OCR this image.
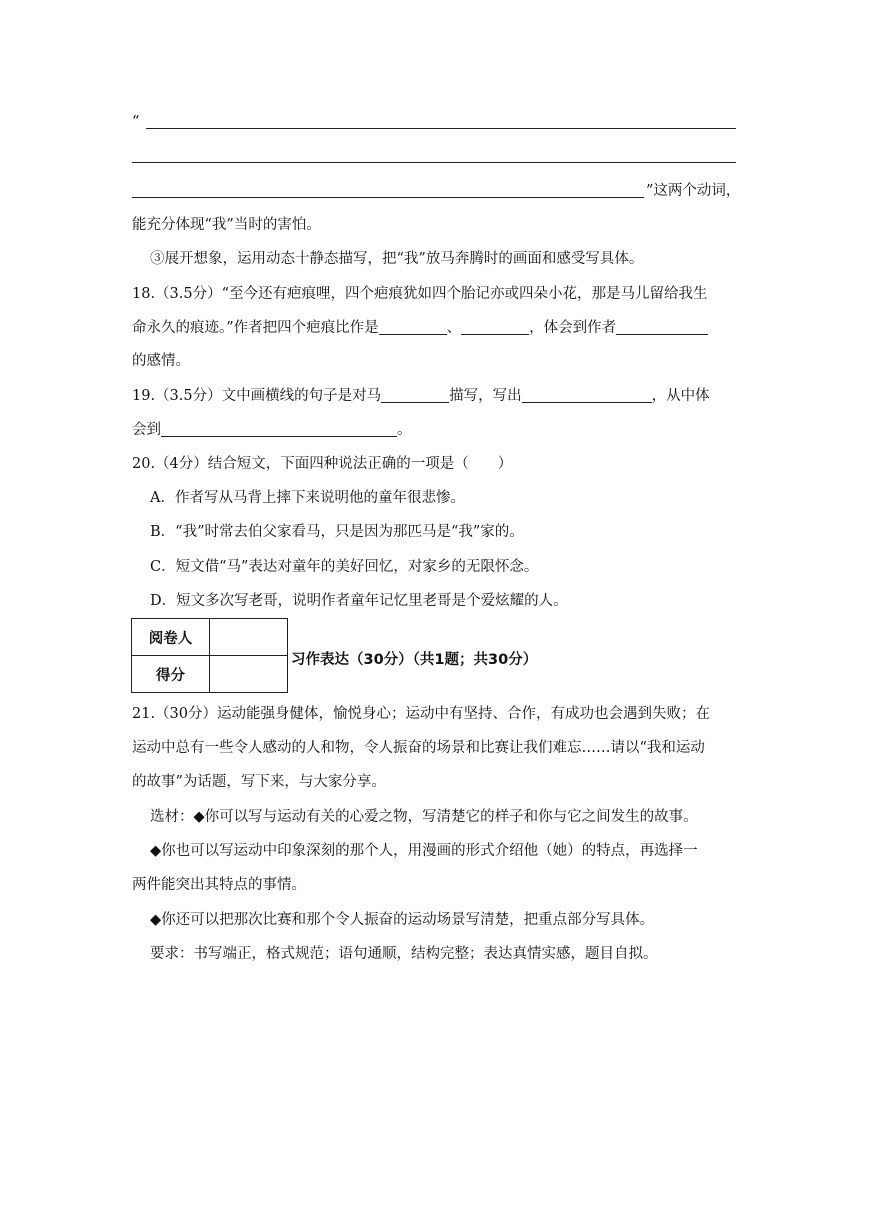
“
”这两个动词，
能充分体现“我”当时的害怕。
③展开想象，运用动态十静态描写，把“我”放马奔腾时的画面和感受写具体。
18.（3.5分）“至今还有疤痕哩，四个疤痕犹如四个胎记亦或四朵小花，那是马儿留给我生
命永久的痕迹。”作者把四个疤痕比作是	、	，体会到作者
的感情。
19.（3.5分）文中画横线的句子是对马	描写，写出	，从中体
会到	。
20.（4分）结合短文，下面四种说法正确的一项是（　　）
A．作者写从马背上摔下来说明他的童年很悲惨。
B．“我”时常去伯父家看马，只是因为那匹马是“我”家的。
C．短文借“马”表达对童年的美好回忆，对家乡的无限怀念。
D．短文多次写老哥，说明作者童年记忆里老哥是个爱炫耀的人。
阅卷人	
得分	
习作表达（30分）（共1题；共30分）
21.（30分）运动能强身健体，愉悦身心；运动中有坚持、合作，有成功也会遇到失败；在
运动中总有一些令人感动的人和物，令人振奋的场景和比赛让我们难忘……请以“我和运动
的故事”为话题，写下来，与大家分享。
选材：◆你可以写与运动有关的心爱之物，写清楚它的样子和你与它之间发生的故事。
◆你也可以写运动中印象深刻的那个人，用漫画的形式介绍他（她）的特点，再选择一
两件能突出其特点的事情。
◆你还可以把那次比赛和那个令人振奋的运动场景写清楚，把重点部分写具体。
要求：书写端正，格式规范；语句通顺，结构完整；表达真情实感，题目自拟。
